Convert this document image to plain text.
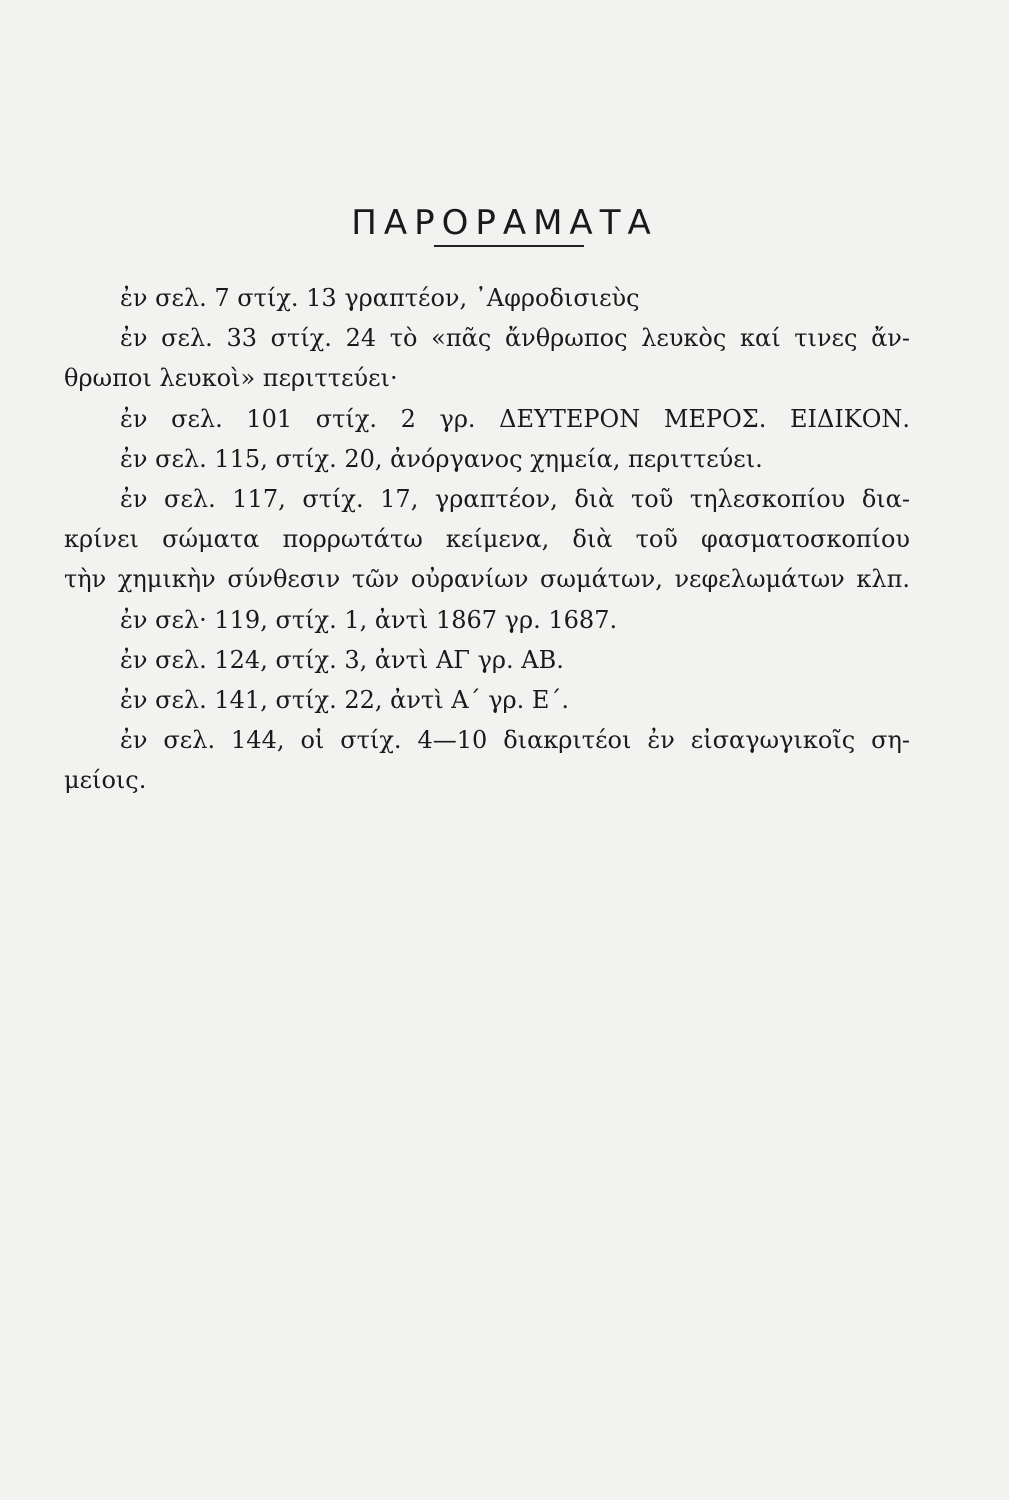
ΠΑΡΟΡΑΜΑΤΑ
ἐν σελ. 7 στίχ. 13 γραπτέον, ᾿Αφροδισιεὺς
ἐν σελ. 33 στίχ. 24 τὸ «πᾶς ἄνθρωπος λευκὸς καί τινες ἄν-
θρωποι λευκοὶ» περιττεύει·
ἐν σελ. 101 στίχ. 2 γρ. ΔΕΥΤΕΡΟΝ ΜΕΡΟΣ. ΕΙΔΙΚΟΝ.
ἐν σελ. 115, στίχ. 20, ἀνόργανος χημεία, περιττεύει.
ἐν σελ. 117, στίχ. 17, γραπτέον, διὰ τοῦ τηλεσκοπίου δια-
κρίνει σώματα πορρωτάτω κείμενα, διὰ τοῦ φασματοσκοπίου
τὴν χημικὴν σύνθεσιν τῶν οὐρανίων σωμάτων, νεφελωμάτων κλπ.
ἐν σελ· 119, στίχ. 1, ἀντὶ 1867 γρ. 1687.
ἐν σελ. 124, στίχ. 3, ἀντὶ ΑΓ γρ. ΑΒ.
ἐν σελ. 141, στίχ. 22, ἀντὶ Α΄ γρ. Ε΄.
ἐν σελ. 144, οἱ στίχ. 4—10 διακριτέοι ἐν εἰσαγωγικοῖς ση-
μείοις.
